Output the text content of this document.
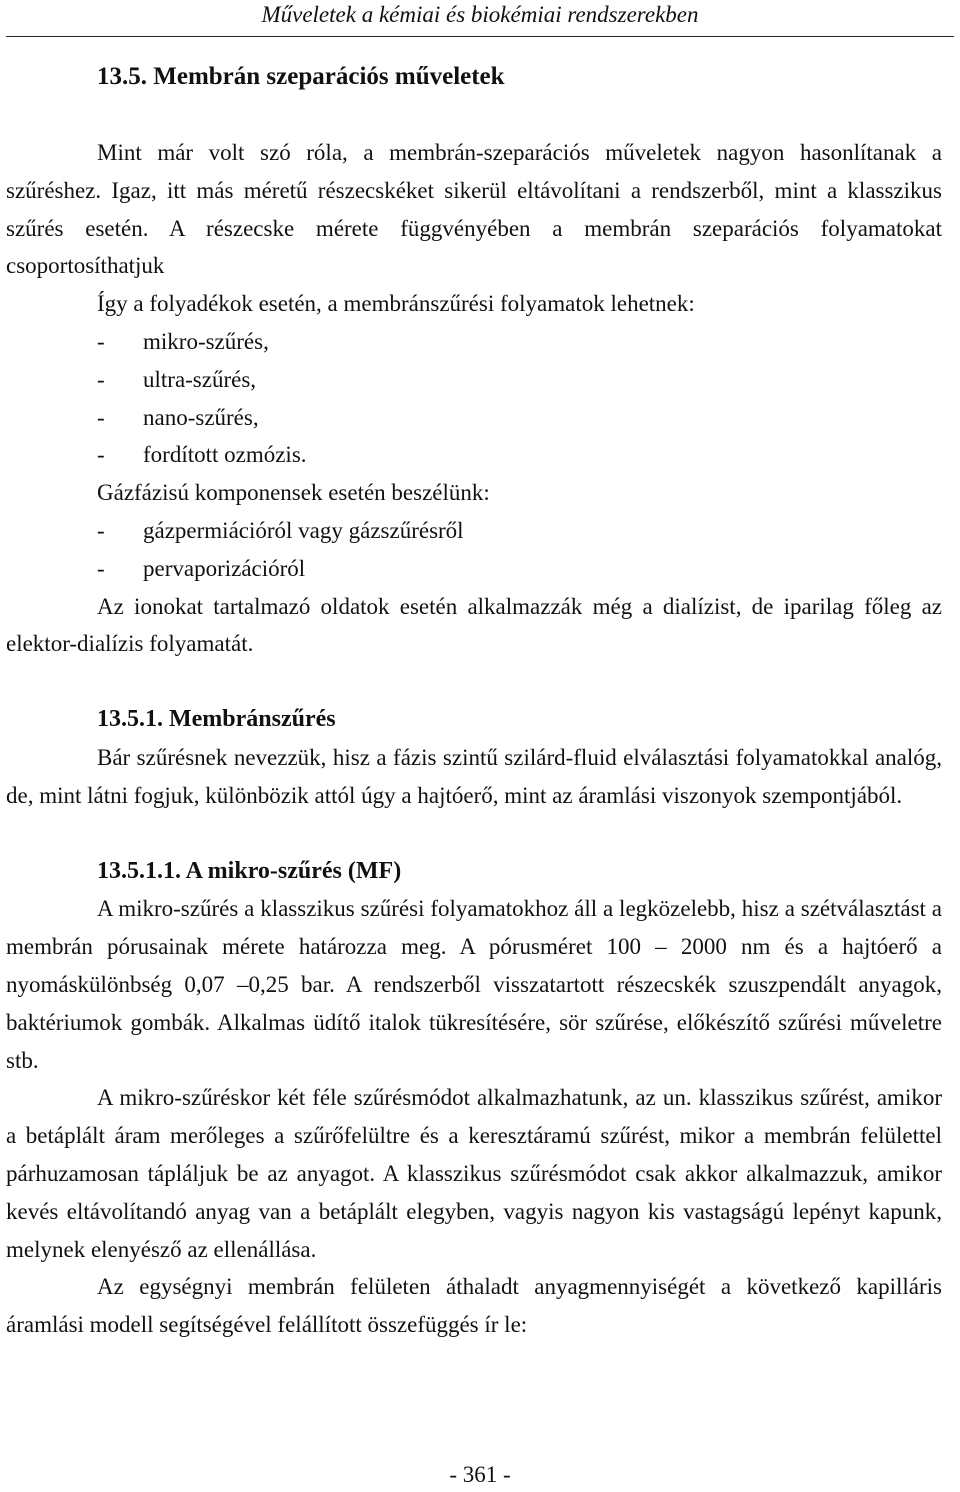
Műveletek a kémiai és biokémiai rendszerekben
13.5. Membrán szeparációs műveletek

Mint már volt szó róla, a membrán-szeparációs műveletek nagyon hasonlítanak a szűréshez. Igaz, itt más méretű részecskéket sikerül eltávolítani a rendszerből, mint a klasszikus szűrés esetén. A részecske mérete függvényében a membrán szeparációs folyamatokat csoportosíthatjuk

Így a folyadékok esetén, a membránszűrési folyamatok lehetnek:

- mikro-szűrés,
- ultra-szűrés,
- nano-szűrés,
- fordított ozmózis.

Gázfázisú komponensek esetén beszélünk:

- gázpermiációról vagy gázszűrésről
- pervaporizációról

Az ionokat tartalmazó oldatok esetén alkalmazzák még a dialízist, de iparilag főleg az elektor-dialízis folyamatát.

13.5.1. Membránszűrés

Bár szűrésnek nevezzük, hisz a fázis szintű szilárd-fluid elválasztási folyamatokkal analóg, de, mint látni fogjuk, különbözik attól úgy a hajtóerő, mint az áramlási viszonyok szempontjából.

13.5.1.1. A mikro-szűrés (MF)

A mikro-szűrés a klasszikus szűrési folyamatokhoz áll a legközelebb, hisz a szétválasztást a membrán pórusainak mérete határozza meg. A pórusméret 100 – 2000 nm és a hajtóerő a nyomáskülönbség 0,07 –0,25 bar. A rendszerből visszatartott részecskék szuszpendált anyagok, baktériumok gombák. Alkalmas üdítő italok tükresítésére, sör szűrése, előkészítő szűrési műveletre stb.

A mikro-szűréskor két féle szűrésmódot alkalmazhatunk, az un. klasszikus szűrést, amikor a betáplált áram merőleges a szűrőfelültre és a keresztáramú szűrést, mikor a membrán felülettel párhuzamosan tápláljuk be az anyagot. A klasszikus szűrésmódot csak akkor alkalmazzuk, amikor kevés eltávolítandó anyag van a betáplált elegyben, vagyis nagyon kis vastagságú lepényt kapunk, melynek elenyésző az ellenállása.

Az egységnyi membrán felületen áthaladt anyagmennyiségét a következő kapilláris áramlási modell segítségével felállított összefüggés ír le:

- 361 -
